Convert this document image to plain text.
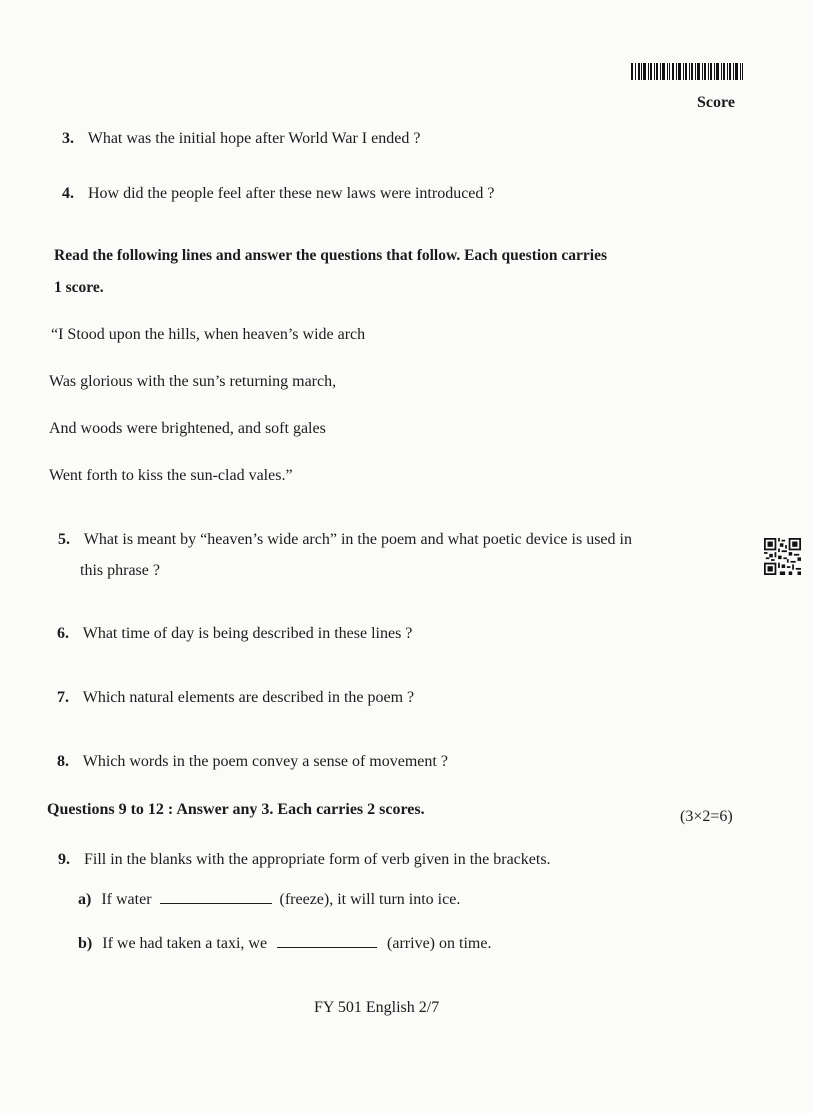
Score
3. What was the initial hope after World War I ended ?
4. How did the people feel after these new laws were introduced ?
Read the following lines and answer the questions that follow. Each question carries
1 score.
“I Stood upon the hills, when heaven’s wide arch
Was glorious with the sun’s returning march,
And woods were brightened, and soft gales
Went forth to kiss the sun-clad vales.”
5. What is meant by “heaven’s wide arch” in the poem and what poetic device is used in
this phrase ?
6. What time of day is being described in these lines ?
7. Which natural elements are described in the poem ?
8. Which words in the poem convey a sense of movement ?
Questions 9 to 12 : Answer any 3. Each carries 2 scores.	(3×2=6)
9. Fill in the blanks with the appropriate form of verb given in the brackets.
a) If water	(freeze), it will turn into ice.
b) If we had taken a taxi, we	(arrive) on time.
FY 501 English 2/7
